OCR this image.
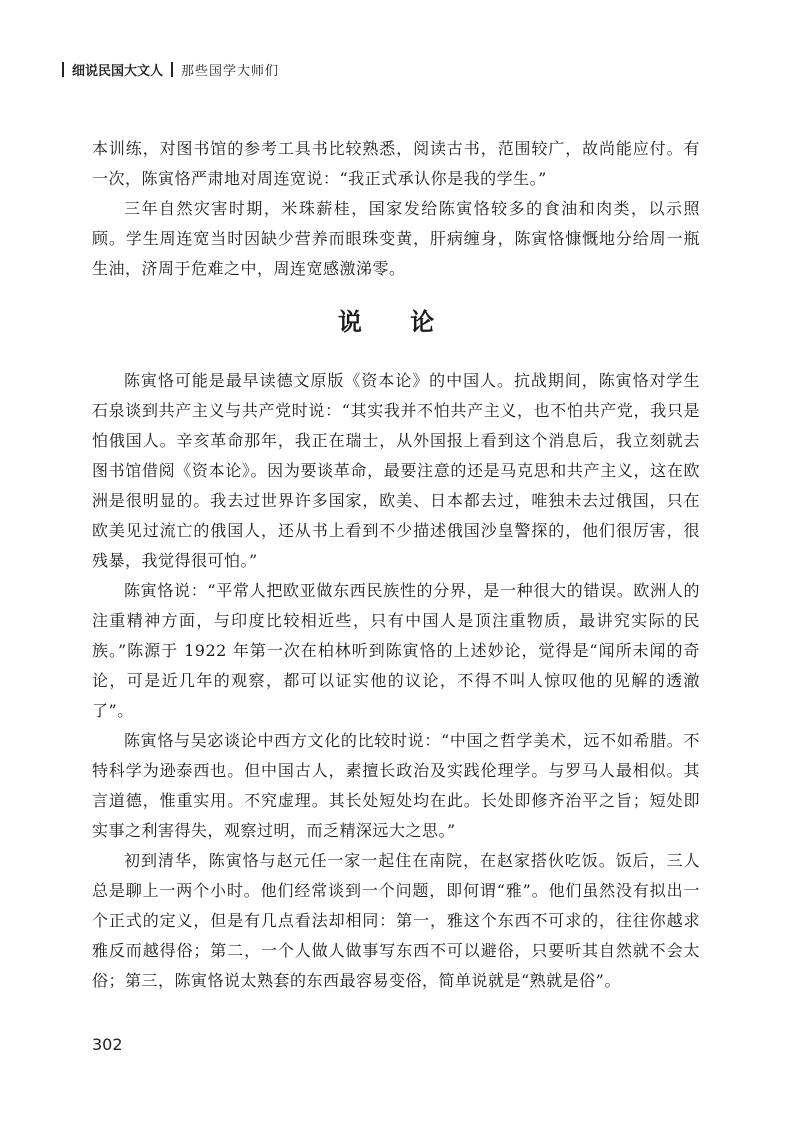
细说民国大文人 那些国学大师们

本训练，对图书馆的参考工具书比较熟悉，阅读古书，范围较广，故尚能应付。有一次，陈寅恪严肃地对周连宽说：“我正式承认你是我的学生。”

三年自然灾害时期，米珠薪桂，国家发给陈寅恪较多的食油和肉类，以示照顾。学生周连宽当时因缺少营养而眼珠变黄，肝病缠身，陈寅恪慷慨地分给周一瓶生油，济周于危难之中，周连宽感激涕零。

说 论

陈寅恪可能是最早读德文原版《资本论》的中国人。抗战期间，陈寅恪对学生石泉谈到共产主义与共产党时说：“其实我并不怕共产主义，也不怕共产党，我只是怕俄国人。辛亥革命那年，我正在瑞士，从外国报上看到这个消息后，我立刻就去图书馆借阅《资本论》。因为要谈革命，最要注意的还是马克思和共产主义，这在欧洲是很明显的。我去过世界许多国家，欧美、日本都去过，唯独未去过俄国，只在欧美见过流亡的俄国人，还从书上看到不少描述俄国沙皇警探的，他们很厉害，很残暴，我觉得很可怕。”

陈寅恪说：“平常人把欧亚做东西民族性的分界，是一种很大的错误。欧洲人的注重精神方面，与印度比较相近些，只有中国人是顶注重物质，最讲究实际的民族。”陈源于 1922 年第一次在柏林听到陈寅恪的上述妙论，觉得是“闻所未闻的奇论，可是近几年的观察，都可以证实他的议论，不得不叫人惊叹他的见解的透澈了”。

陈寅恪与吴宓谈论中西方文化的比较时说：“中国之哲学美术，远不如希腊。不特科学为逊泰西也。但中国古人，素擅长政治及实践伦理学。与罗马人最相似。其言道德，惟重实用。不究虚理。其长处短处均在此。长处即修齐治平之旨；短处即实事之利害得失，观察过明，而乏精深远大之思。”

初到清华，陈寅恪与赵元任一家一起住在南院，在赵家搭伙吃饭。饭后，三人总是聊上一两个小时。他们经常谈到一个问题，即何谓“雅”。他们虽然没有拟出一个正式的定义，但是有几点看法却相同：第一，雅这个东西不可求的，往往你越求雅反而越得俗；第二，一个人做人做事写东西不可以避俗，只要听其自然就不会太俗；第三，陈寅恪说太熟套的东西最容易变俗，简单说就是“熟就是俗”。

302
